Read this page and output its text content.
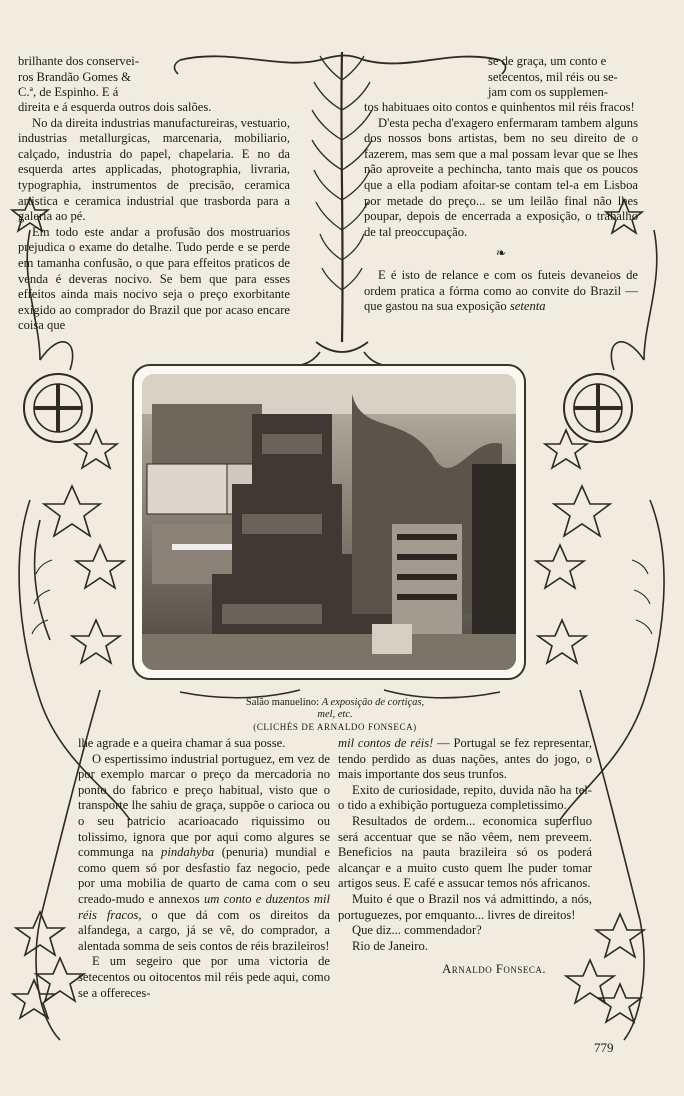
Salão manuelino: A exposição de cortiças,
mel, etc.
(CLICHÉS DE ARNALDO FONSECA)

brilhante dos conservei-

ros Brandão Gomes &

C.ª, de Espinho. E á

direita e á esquerda outros dois salões.

No da direita industrias manufactureiras, vestuario, industrias metallurgicas, marcenaria, mobiliario, calçado, industria do papel, chapelaria. E no da esquerda artes applicadas, photographia, livraria, typographia, instrumentos de precisão, ceramica artistica e ceramica industrial que trasborda para a galeria ao pé.

Em todo este andar a profusão dos mostruarios prejudica o exame do detalhe. Tudo perde e se perde em tamanha confusão, o que para effeitos praticos de venda é deveras nocivo. Se bem que para esses effeitos ainda mais nocivo seja o preço exorbitante exigido ao comprador do Brazil que por acaso encare coisa que

se de graça, um conto e

setecentos, mil réis ou se-

jam com os supplemen-

tos habituaes oito contos e quinhentos mil réis fracos!

D'esta pecha d'exagero enfermaram tambem alguns dos nossos bons artistas, bem no seu direito de o fazerem, mas sem que a mal possam levar que se lhes não aproveite a pechincha, tanto mais que os poucos que a ella podiam afoitar-se contam tel-a em Lisboa por metade do preço... se um leilão final não lhes poupar, depois de encerrada a exposição, o trabalho de tal preoccupação.

❧

E é isto de relance e com os futeis devaneios de ordem pratica a fórma como ao convite do Brazil — que gastou na sua exposição setenta

lhe agrade e a queira chamar á sua posse.

O espertissimo industrial portuguez, em vez de por exemplo marcar o preço da mercadoria no ponto do fabrico e preço habitual, visto que o transporte lhe sahiu de graça, suppõe o carioca ou o seu patricio acarioacado riquissimo ou tolissimo, ignora que por aqui como algures se communga na pindahyba (penuria) mundial e como quem só por desfastio faz negocio, pede por uma mobilia de quarto de cama com o seu creado-mudo e annexos um conto e duzentos mil réis fracos, o que dá com os direitos da alfandega, a cargo, já se vê, do comprador, a alentada somma de seis contos de réis brazileiros!

E um segeiro que por uma victoria de setecentos ou oitocentos mil réis pede aqui, como se a offereces-

mil contos de réis! — Portugal se fez representar, tendo perdido as duas nações, antes do jogo, o mais importante dos seus trunfos.

Exito de curiosidade, repito, duvida não ha tel-o tido a exhibição portugueza completissimo.

Resultados de ordem... economica superfluo será accentuar que se não vêem, nem preveem. Beneficios na pauta brazileira só os poderá alcançar e a muito custo quem lhe puder tomar artigos seus. E café e assucar temos nós africanos.

Muito é que o Brazil nos vá admittindo, a nós, portuguezes, por emquanto... livres de direitos!

Que diz... commendador?

Rio de Janeiro.

Arnaldo Fonseca.

779
